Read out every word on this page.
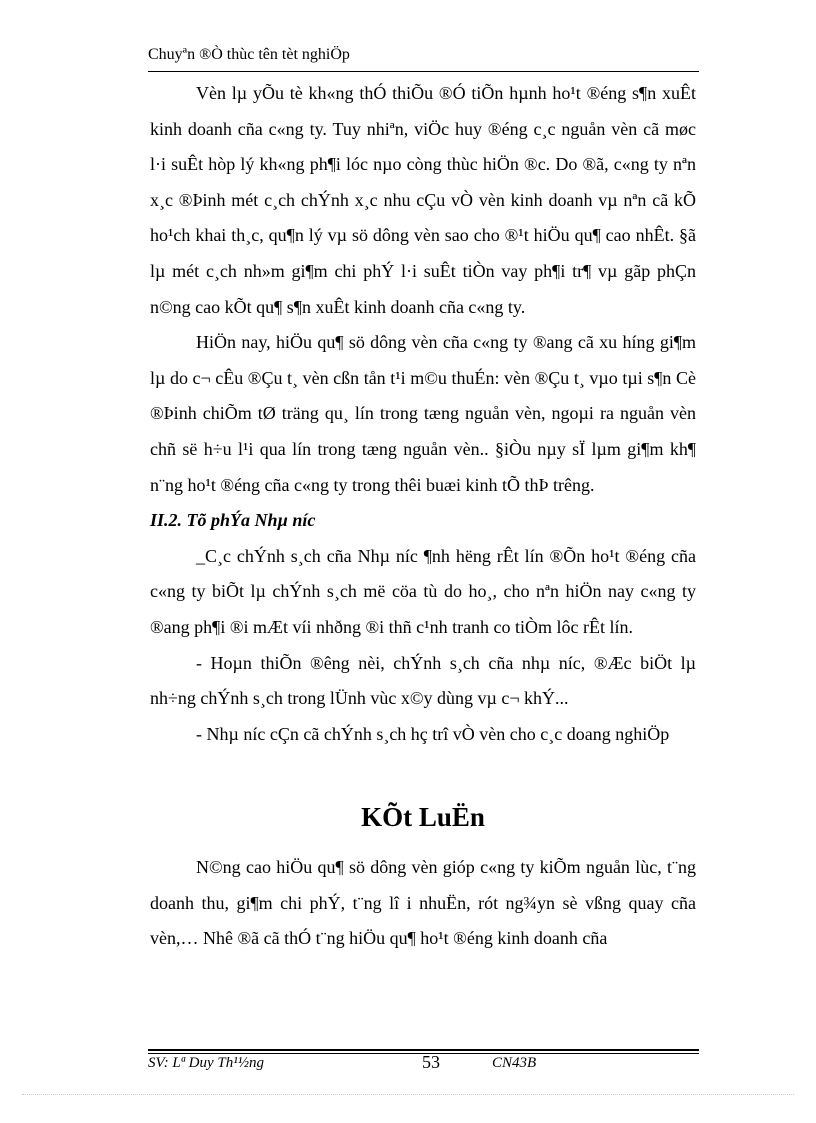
Chuyªn ®Ò thùc tên tèt nghiÖp

Vèn lµ yÕu tè kh«ng thÓ thiÕu ®Ó tiÕn hµnh ho¹t ®éng s¶n xuÊt kinh doanh cña c«ng ty. Tuy nhiªn, viÖc huy ®éng c¸c nguån vèn cã møc l·i suÊt hòp lý kh«ng ph¶i lóc nµo còng thùc hiÖn ®c. Do ®ã, c«ng ty nªn x¸c ®Þinh mét c¸ch chÝnh x¸c nhu cÇu vÒ vèn kinh doanh vµ nªn cã kÕ ho¹ch khai th¸c, qu¶n lý vµ sö dông vèn sao cho ®¹t hiÖu qu¶ cao nhÊt. §ã lµ mét c¸ch nh»m gi¶m chi phÝ l·i suÊt tiÒn vay ph¶i tr¶ vµ gãp phÇn n©ng cao kÕt qu¶ s¶n xuÊt kinh doanh cña c«ng ty.

HiÖn nay, hiÖu qu¶ sö dông vèn cña c«ng ty ®ang cã xu híng gi¶m lµ do c¬ cÊu ®Çu t¸ vèn cßn tån t¹i m©u thuÉn: vèn ®Çu t¸ vµo tµi s¶n Cè ®Þinh chiÕm tØ träng qu¸ lín trong tæng nguån vèn, ngoµi ra nguån vèn chñ së h÷u l¹i qua lín trong tæng nguån vèn.. §iÒu nµy sÏ lµm gi¶m kh¶ n¨ng ho¹t ®éng cña c«ng ty trong thêi buæi kinh tÕ thÞ trêng.

II.2. Tõ phÝa Nhµ níc

_C¸c chÝnh s¸ch cña Nhµ níc ¶nh hëng rÊt lín ®Õn ho¹t ®éng cña c«ng ty biÕt lµ chÝnh s¸ch më cöa tù do ho¸, cho nªn hiÖn nay c«ng ty ®ang ph¶i ®i mÆt víi nhðng ®i thñ c¹nh tranh co tiÒm lôc rÊt lín.

- Hoµn thiÕn ®êng nèi, chÝnh s¸ch cña nhµ níc, ®Æc biÖt lµ nh÷ng chÝnh s¸ch trong lÜnh vùc x©y dùng vµ c¬ khÝ...

- Nhµ níc cÇn cã chÝnh s¸ch hç trî vÒ vèn cho c¸c doang nghiÖp

KÕt LuËn

N©ng cao hiÖu qu¶ sö dông vèn gióp c«ng ty kiÕm nguån lùc, t¨ng doanh thu, gi¶m chi phÝ, t¨ng lî i nhuËn, rót ng¾yn sè vßng quay cña vèn,… Nhê ®ã cã thÓ t¨ng hiÖu qu¶ ho¹t ®éng kinh doanh cña

SV: Lª Duy Th¹½ng	53	CN43B
